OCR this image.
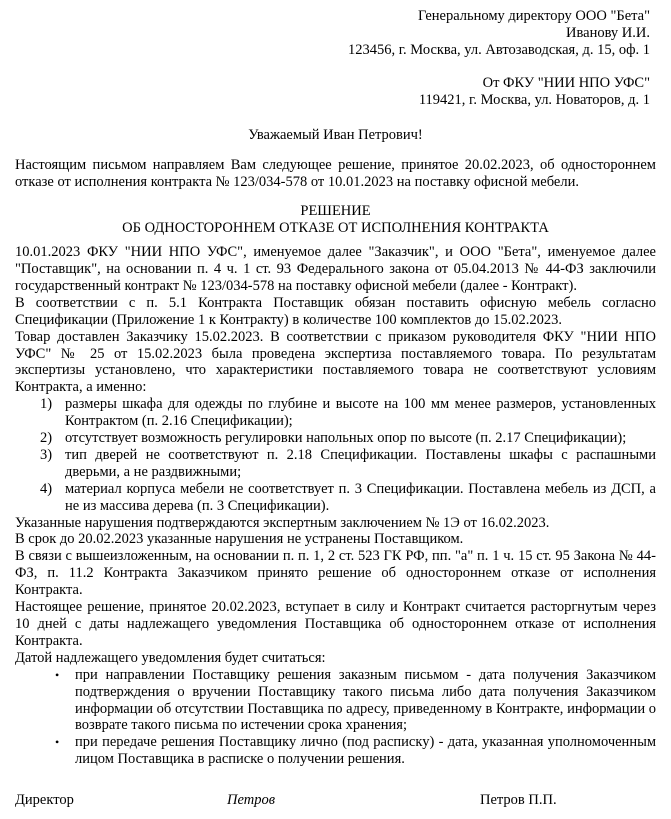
Генеральному директору ООО "Бета"
Иванову И.И.
123456, г. Москва, ул. Автозаводская, д. 15, оф. 1
От ФКУ "НИИ НПО УФС"
119421, г. Москва, ул. Новаторов, д. 1
Уважаемый Иван Петрович!

Настоящим письмом направляем Вам следующее решение, принятое 20.02.2023, об одностороннем отказе от исполнения контракта № 123/034-578 от 10.01.2023 на поставку офисной мебели.

РЕШЕНИЕ
ОБ ОДНОСТОРОННЕМ ОТКАЗЕ ОТ ИСПОЛНЕНИЯ КОНТРАКТА

10.01.2023 ФКУ "НИИ НПО УФС", именуемое далее "Заказчик", и ООО "Бета", именуемое далее "Поставщик", на основании п. 4 ч. 1 ст. 93 Федерального закона от 05.04.2013 № 44-ФЗ заключили государственный контракт № 123/034-578 на поставку офисной мебели (далее - Контракт).

В соответствии с п. 5.1 Контракта Поставщик обязан поставить офисную мебель согласно Спецификации (Приложение 1 к Контракту) в количестве 100 комплектов до 15.02.2023.

Товар доставлен Заказчику 15.02.2023. В соответствии с приказом руководителя ФКУ "НИИ НПО УФС" № 25 от 15.02.2023 была проведена экспертиза поставляемого товара. По результатам экспертизы установлено, что характеристики поставляемого товара не соответствуют условиям Контракта, а именно:

размеры шкафа для одежды по глубине и высоте на 100 мм менее размеров, установленных Контрактом (п. 2.16 Спецификации);
отсутствует возможность регулировки напольных опор по высоте (п. 2.17 Спецификации);
тип дверей не соответствуют п. 2.18 Спецификации. Поставлены шкафы с распашными дверьми, а не раздвижными;
материал корпуса мебели не соответствует п. 3 Спецификации. Поставлена мебель из ДСП, а не из массива дерева (п. 3 Спецификации).

Указанные нарушения подтверждаются экспертным заключением № 1Э от 16.02.2023.

В срок до 20.02.2023 указанные нарушения не устранены Поставщиком.

В связи с вышеизложенным, на основании п. п. 1, 2 ст. 523 ГК РФ, пп. "а" п. 1 ч. 15 ст. 95 Закона № 44-ФЗ, п. 11.2 Контракта Заказчиком принято решение об одностороннем отказе от исполнения Контракта.

Настоящее решение, принятое 20.02.2023, вступает в силу и Контракт считается расторгнутым через 10 дней с даты надлежащего уведомления Поставщика об одностороннем отказе от исполнения Контракта.

Датой надлежащего уведомления будет считаться:

• при направлении Поставщику решения заказным письмом - дата получения Заказчиком подтверждения о вручении Поставщику такого письма либо дата получения Заказчиком информации об отсутствии Поставщика по адресу, приведенному в Контракте, информации о возврате такого письма по истечении срока хранения;
• при передаче решения Поставщику лично (под расписку) - дата, указанная уполномоченным лицом Поставщика в расписке о получении решения.
Директор	Петров	Петров П.П.
